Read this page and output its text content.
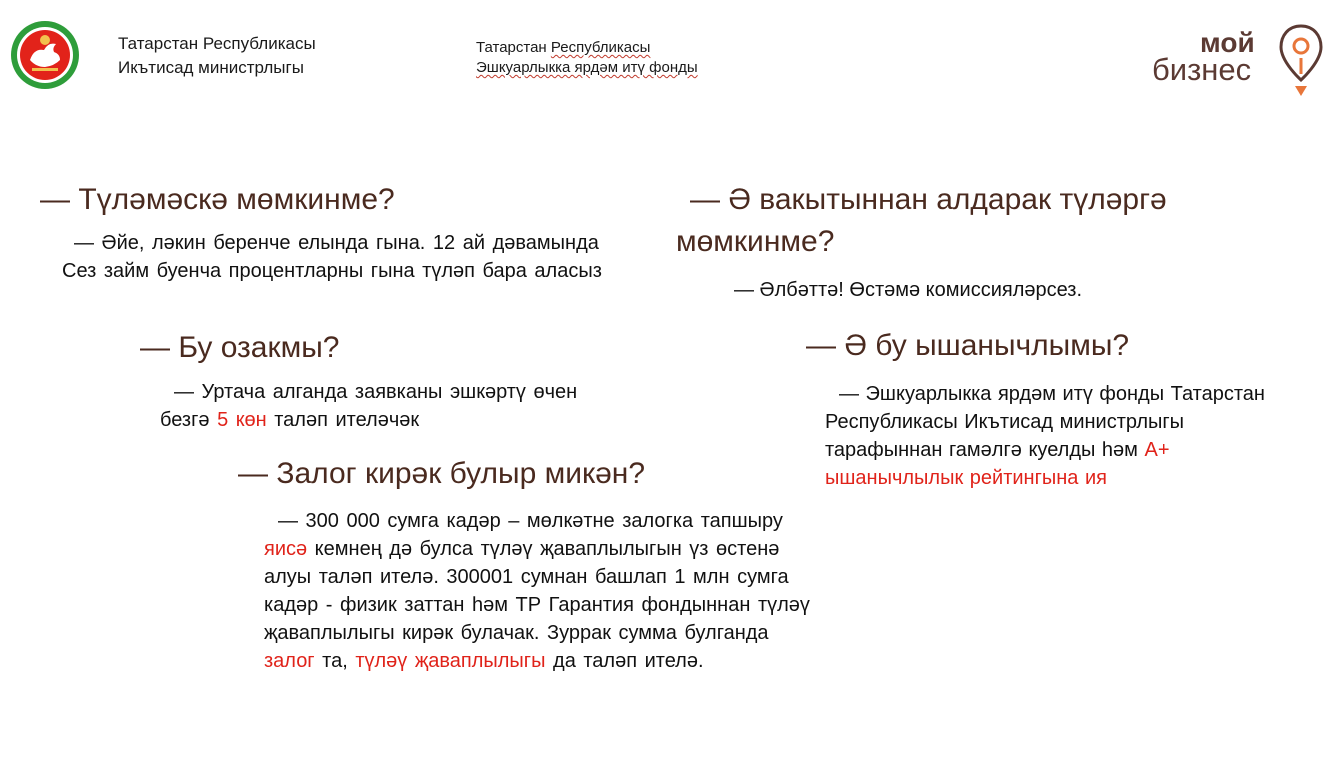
Татарстан Республикасы
Икътисад министрлыгы
Татарстан Республикасы
Эшкуарлыкка ярдәм итү фонды
мой
бизнес
— Түләмәскә мөмкинме?
— Әйе, ләкин беренче елында гына. 12 ай дәвамында Сез займ буенча процентларны гына түләп бара аласыз
— Бу озакмы?
— Уртача алганда заявканы эшкәртү өчен безгә 5 көн таләп ителәчәк
— Залог кирәк булыр микән?
— 300 000 сумга кадәр – мөлкәтне залогка тапшыру яисә кемнең дә булса түләү җаваплылыгын үз өстенә алуы таләп ителә. 300001 сумнан башлап 1 млн сумга кадәр - физик заттан һәм ТР Гарантия фондыннан түләү җаваплылыгы кирәк булачак. Зуррак сумма булганда залог та, түләү җаваплылыгы да таләп ителә.
— Ә вакытыннан алдарак түләргә мөмкинме?
— Әлбәттә! Өстәмә комиссияләрсез.
— Ә бу ышанычлымы?
— Эшкуарлыкка ярдәм итү фонды Татарстан Республикасы Икътисад министрлыгы тарафыннан гамәлгә куелды һәм A+ ышанычлылык рейтингына ия
